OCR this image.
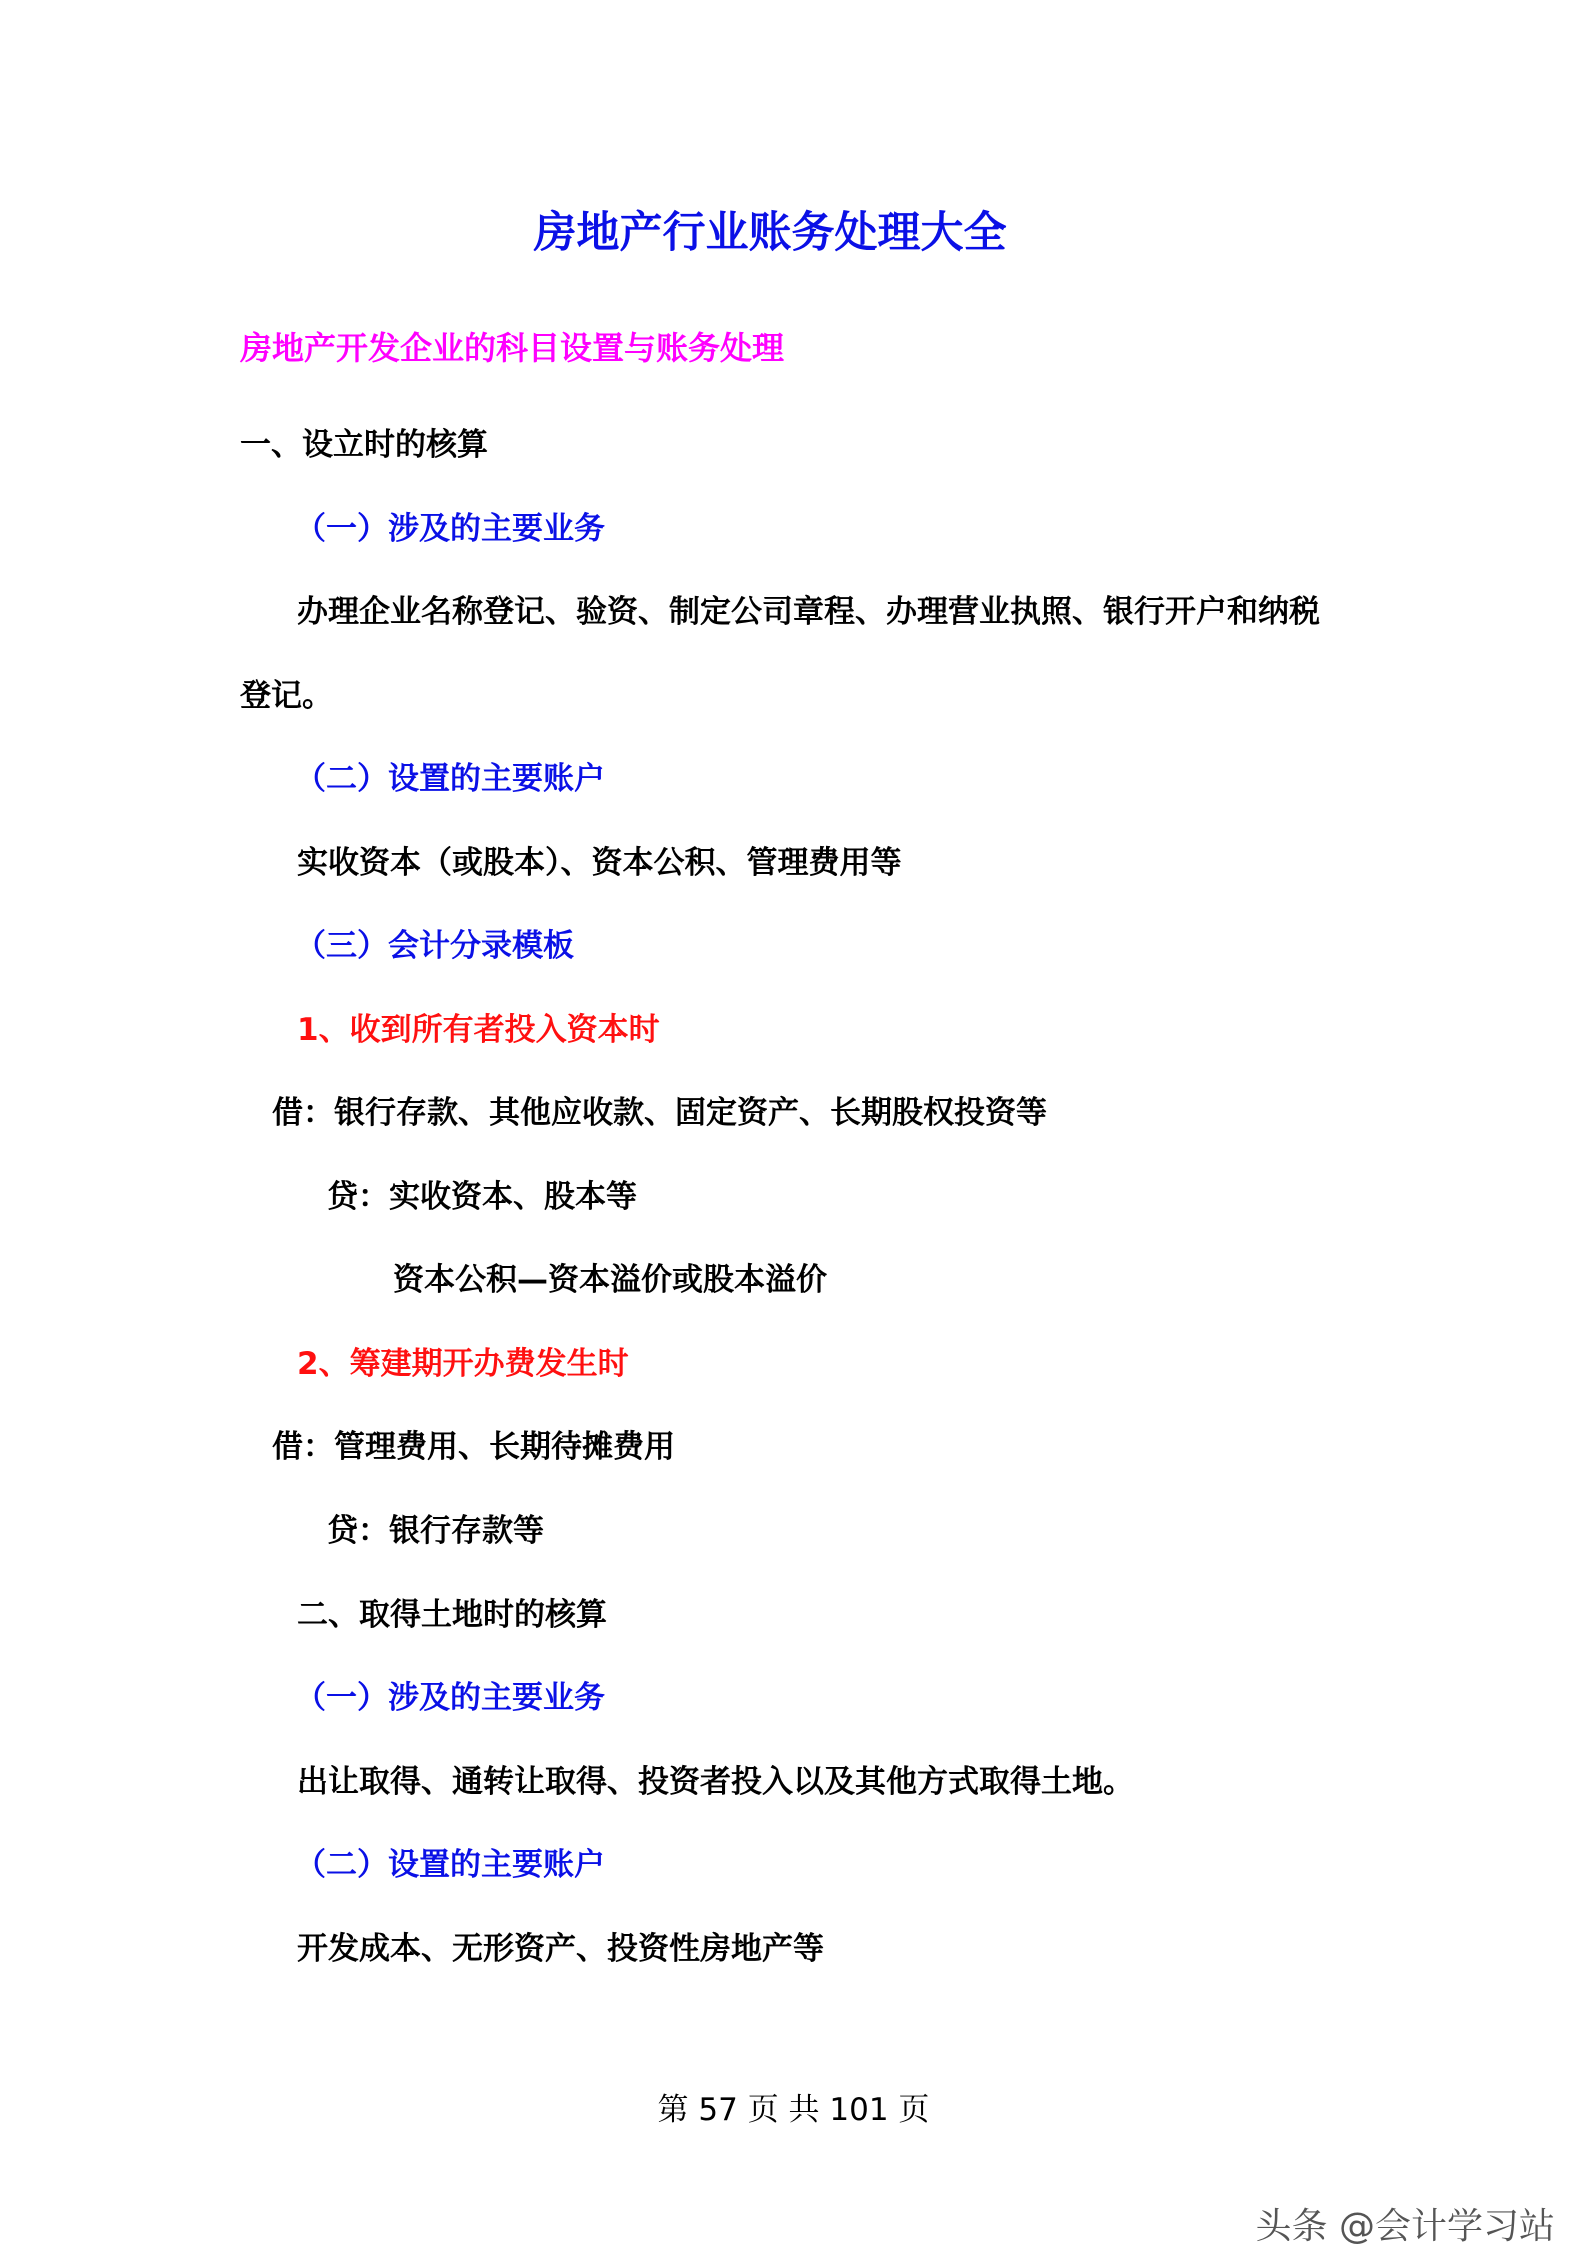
房地产行业账务处理大全
房地产开发企业的科目设置与账务处理
一、设立时的核算
（一）涉及的主要业务
办理企业名称登记、验资、制定公司章程、办理营业执照、银行开户和纳税
登记。
（二）设置的主要账户
实收资本（或股本）、资本公积、管理费用等
（三）会计分录模板
1、收到所有者投入资本时
借：银行存款、其他应收款、固定资产、长期股权投资等
贷：实收资本、股本等
资本公积—资本溢价或股本溢价
2、筹建期开办费发生时
借：管理费用、长期待摊费用
贷：银行存款等
二、取得土地时的核算
（一）涉及的主要业务
出让取得、通转让取得、投资者投入以及其他方式取得土地。
（二）设置的主要账户
开发成本、无形资产、投资性房地产等
第 57 页 共 101 页
头条 @会计学习站
